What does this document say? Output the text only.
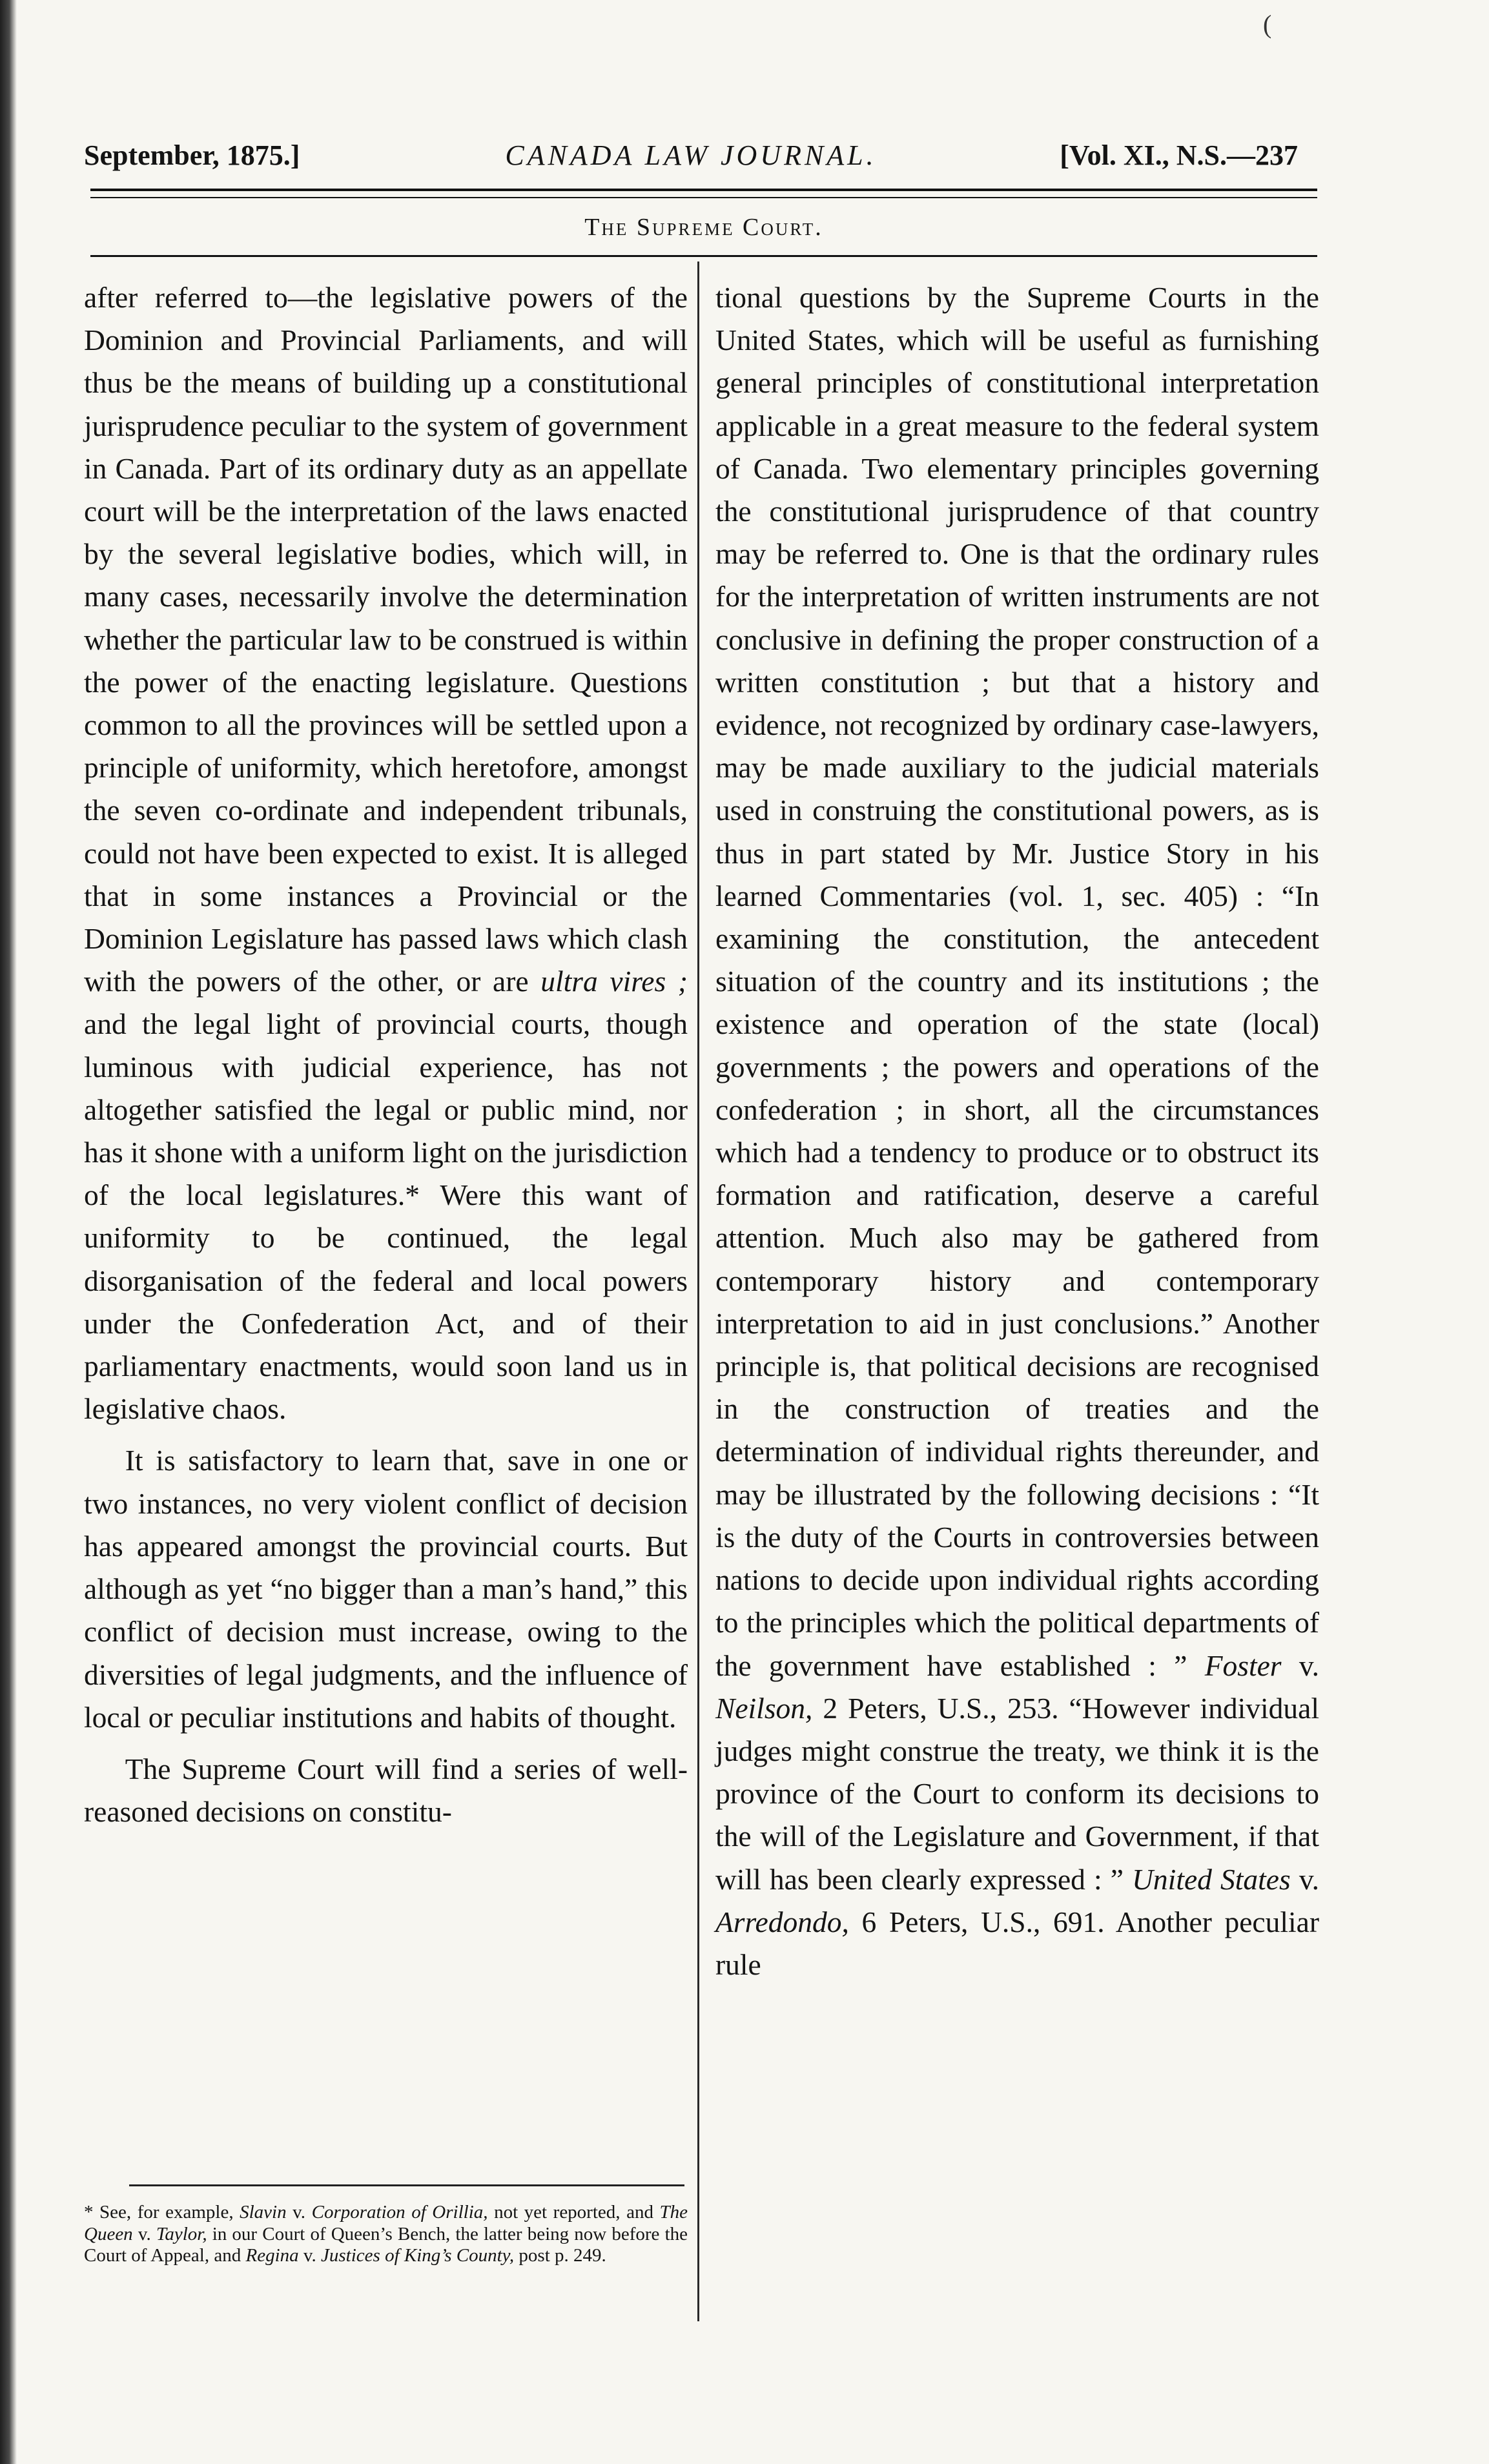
(
September, 1875.]	CANADA LAW JOURNAL.	[Vol. XI., N.S.—237
The Supreme Court.

after referred to—the legislative powers of the Dominion and Provincial Parliaments, and will thus be the means of building up a constitutional jurisprudence peculiar to the system of government in Canada. Part of its ordinary duty as an appellate court will be the interpretation of the laws enacted by the several legislative bodies, which will, in many cases, necessarily involve the determination whether the particular law to be construed is within the power of the enacting legislature. Questions common to all the provinces will be settled upon a principle of uniformity, which heretofore, amongst the seven co-ordinate and independent tribunals, could not have been expected to exist. It is alleged that in some instances a Provincial or the Dominion Legislature has passed laws which clash with the powers of the other, or are ultra vires ; and the legal light of provincial courts, though luminous with judicial experience, has not altogether satisfied the legal or public mind, nor has it shone with a uniform light on the jurisdiction of the local legislatures.* Were this want of uniformity to be continued, the legal disorganisation of the federal and local powers under the Confederation Act, and of their parliamentary enactments, would soon land us in legislative chaos.

It is satisfactory to learn that, save in one or two instances, no very violent conflict of decision has appeared amongst the provincial courts. But although as yet “no bigger than a man’s hand,” this conflict of decision must increase, owing to the diversities of legal judgments, and the influence of local or peculiar institutions and habits of thought.

The Supreme Court will find a series of well-reasoned decisions on constitu-

tional questions by the Supreme Courts in the United States, which will be useful as furnishing general principles of constitutional interpretation applicable in a great measure to the federal system of Canada. Two elementary principles governing the constitutional jurisprudence of that country may be referred to. One is that the ordinary rules for the interpretation of written instruments are not conclusive in defining the proper construction of a written constitution ; but that a history and evidence, not recognized by ordinary case-lawyers, may be made auxiliary to the judicial materials used in construing the constitutional powers, as is thus in part stated by Mr. Justice Story in his learned Commentaries (vol. 1, sec. 405) : “In examining the constitution, the antecedent situation of the country and its institutions ; the existence and operation of the state (local) governments ; the powers and operations of the confederation ; in short, all the circumstances which had a tendency to produce or to obstruct its formation and ratification, deserve a careful attention. Much also may be gathered from contemporary history and contemporary interpretation to aid in just conclusions.” Another principle is, that political decisions are recognised in the construction of treaties and the determination of individual rights thereunder, and may be illustrated by the following decisions : “It is the duty of the Courts in controversies between nations to decide upon individual rights according to the principles which the political departments of the government have established : ” Foster v. Neilson, 2 Peters, U.S., 253. “However individual judges might construe the treaty, we think it is the province of the Court to conform its decisions to the will of the Legislature and Government, if that will has been clearly expressed : ” United States v. Arredondo, 6 Peters, U.S., 691. Another peculiar rule

* See, for example, Slavin v. Corporation of Orillia, not yet reported, and The Queen v. Taylor, in our Court of Queen’s Bench, the latter being now before the Court of Appeal, and Regina v. Justices of King’s County, post p. 249.
